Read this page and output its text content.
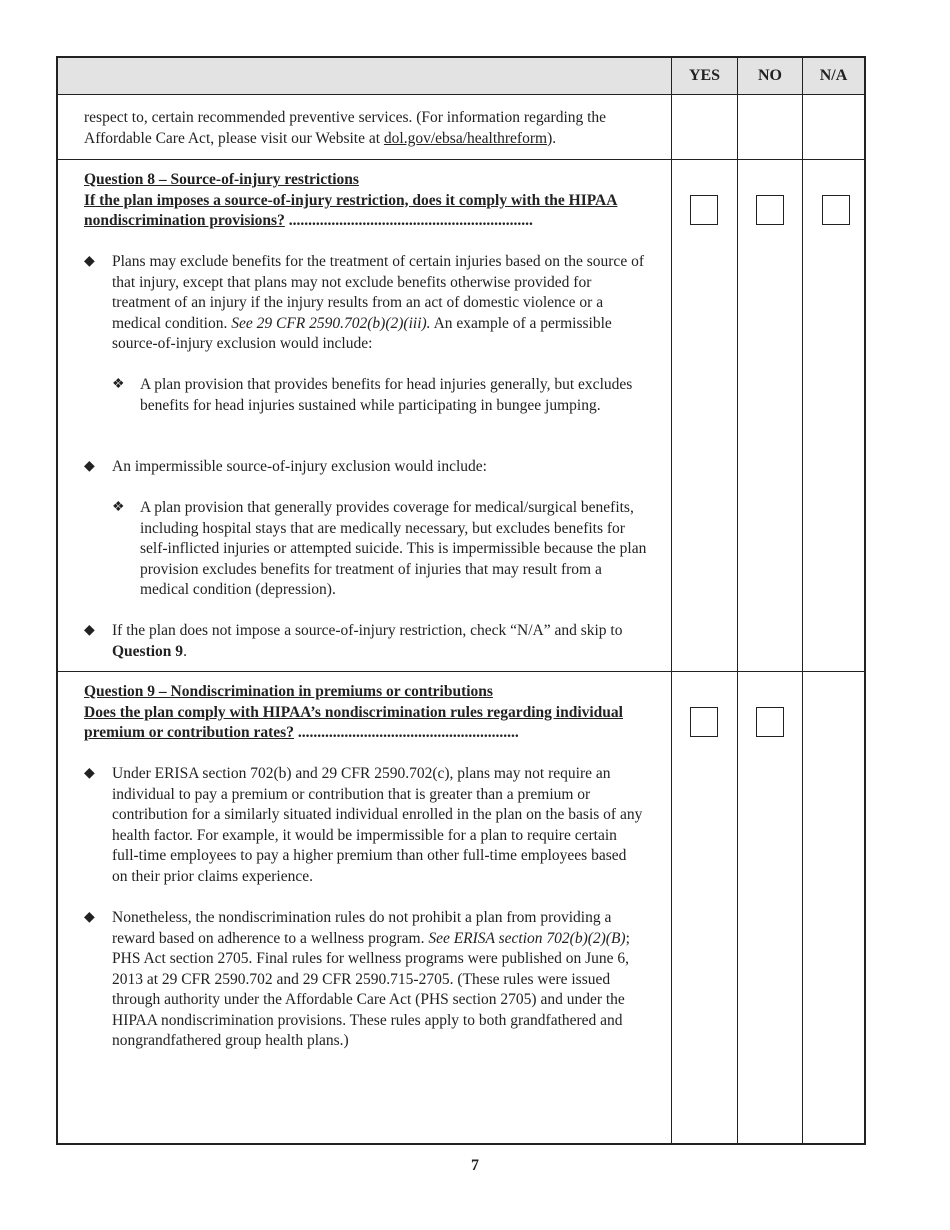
YES	NO	N/A
respect to, certain recommended preventive services. (For information regarding the Affordable Care Act, please visit our Website at dol.gov/ebsa/healthreform).

Question 8 – Source-of-injury restrictions

If the plan imposes a source-of-injury restriction, does it comply with the HIPAA nondiscrimination provisions? ...............................................................

◆ Plans may exclude benefits for the treatment of certain injuries based on the source of that injury, except that plans may not exclude benefits otherwise provided for treatment of an injury if the injury results from an act of domestic violence or a medical condition. See 29 CFR 2590.702(b)(2)(iii). An example of a permissible source-of-injury exclusion would include:
❖ A plan provision that provides benefits for head injuries generally, but excludes benefits for head injuries sustained while participating in bungee jumping.
◆ An impermissible source-of-injury exclusion would include:
❖ A plan provision that generally provides coverage for medical/surgical benefits, including hospital stays that are medically necessary, but excludes benefits for self-inflicted injuries or attempted suicide. This is impermissible because the plan provision excludes benefits for treatment of injuries that may result from a medical condition (depression).
◆ If the plan does not impose a source-of-injury restriction, check “N/A” and skip to Question 9.

Question 9 – Nondiscrimination in premiums or contributions

Does the plan comply with HIPAA’s nondiscrimination rules regarding individual premium or contribution rates? .........................................................

◆ Under ERISA section 702(b) and 29 CFR 2590.702(c), plans may not require an individual to pay a premium or contribution that is greater than a premium or contribution for a similarly situated individual enrolled in the plan on the basis of any health factor. For example, it would be impermissible for a plan to require certain full-time employees to pay a higher premium than other full-time employees based on their prior claims experience.
◆ Nonetheless, the nondiscrimination rules do not prohibit a plan from providing a reward based on adherence to a wellness program. See ERISA section 702(b)(2)(B); PHS Act section 2705. Final rules for wellness programs were published on June 6, 2013 at 29 CFR 2590.702 and 29 CFR 2590.715-2705. (These rules were issued through authority under the Affordable Care Act (PHS section 2705) and under the HIPAA nondiscrimination provisions. These rules apply to both grandfathered and nongrandfathered group health plans.)
7
